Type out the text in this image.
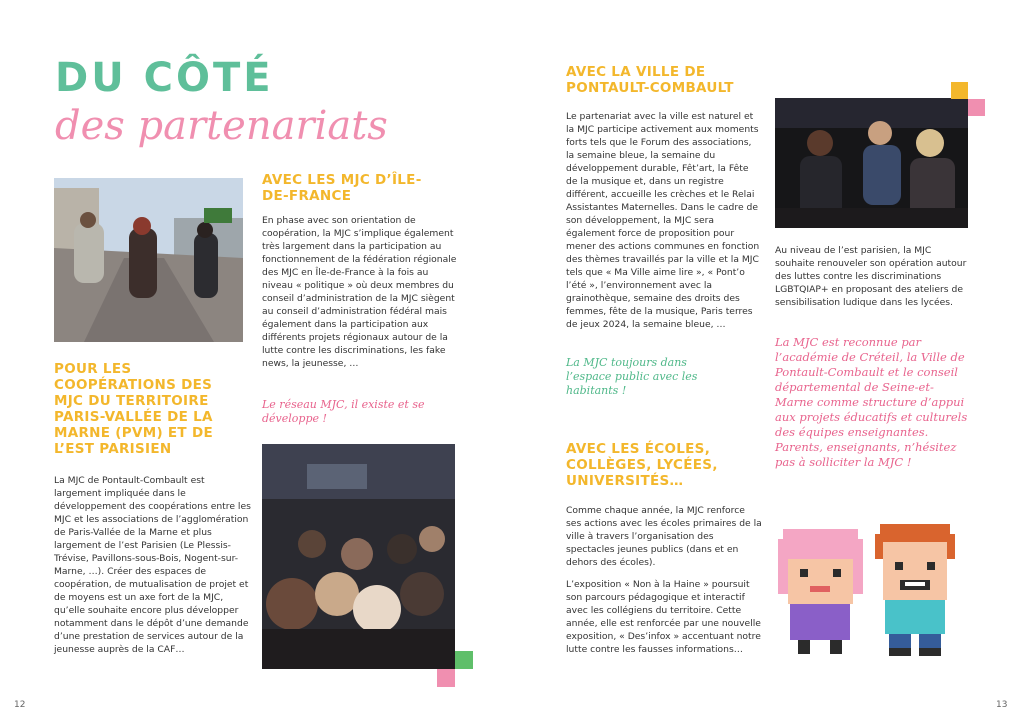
DU CÔTÉ
des partenariats
AVEC LES MJC D’ÎLE-DE-FRANCE
En phase avec son orientation de coopération, la MJC s’implique également très largement dans la participation au fonctionnement de la fédération régionale des MJC en Île-de-France à la fois au niveau « politique » où deux membres du conseil d’administration de la MJC siègent au conseil d’administration fédéral mais également dans la participation aux différents projets régionaux autour de la lutte contre les discriminations, les fake news, la jeunesse, …
Le réseau MJC, il existe et se développe !
POUR LES COOPÉRATIONS DES MJC DU TERRITOIRE PARIS-VALLÉE DE LA MARNE (PVM) ET DE L’EST PARISIEN
La MJC de Pontault-Combault est largement impliquée dans le développement des coopérations entre les MJC et les associations de l’agglomération de Paris-Vallée de la Marne et plus largement de l’est Parisien (Le Plessis-Trévise, Pavillons-sous-Bois, Nogent-sur-Marne, …). Créer des espaces de coopération, de mutualisation de projet et de moyens est un axe fort de la MJC, qu’elle souhaite encore plus développer notamment dans le dépôt d’une demande d’une prestation de services autour de la jeunesse auprès de la CAF…
12
AVEC LA VILLE DE PONTAULT-COMBAULT
Le partenariat avec la ville est naturel et la MJC participe activement aux moments forts tels que le Forum des associations, la semaine bleue, la semaine du développement durable, Fêt’art, la Fête de la musique et, dans un registre différent, accueille les crèches et le Relai Assistantes Maternelles. Dans le cadre de son développement, la MJC sera également force de proposition pour mener des actions communes en fonction des thèmes travaillés par la ville et la MJC tels que « Ma Ville aime lire », « Pont’o l’été », l’environnement avec la grainothèque, semaine des droits des femmes, fête de la musique, Paris terres de jeux 2024, la semaine bleue, …
La MJC toujours dans l’espace public avec les habitants !
AVEC LES ÉCOLES, COLLÈGES, LYCÉES, UNIVERSITÉS…
Comme chaque année, la MJC renforce ses actions avec les écoles primaires de la ville à travers l’organisation des spectacles jeunes publics (dans et en dehors des écoles).
L’exposition « Non à la Haine » poursuit son parcours pédagogique et interactif avec les collégiens du territoire. Cette année, elle est renforcée par une nouvelle exposition, « Des’infox » accentuant notre lutte contre les fausses informations…
Au niveau de l’est parisien, la MJC souhaite renouveler son opération autour des luttes contre les discriminations LGBTQIAP+ en proposant des ateliers de sensibilisation ludique dans les lycées.
La MJC est reconnue par l’académie de Créteil, la Ville de Pontault-Combault et le conseil départemental de Seine-et-Marne comme structure d’appui aux projets éducatifs et culturels des équipes enseignantes. Parents, enseignants, n’hésitez pas à solliciter la MJC !
13
